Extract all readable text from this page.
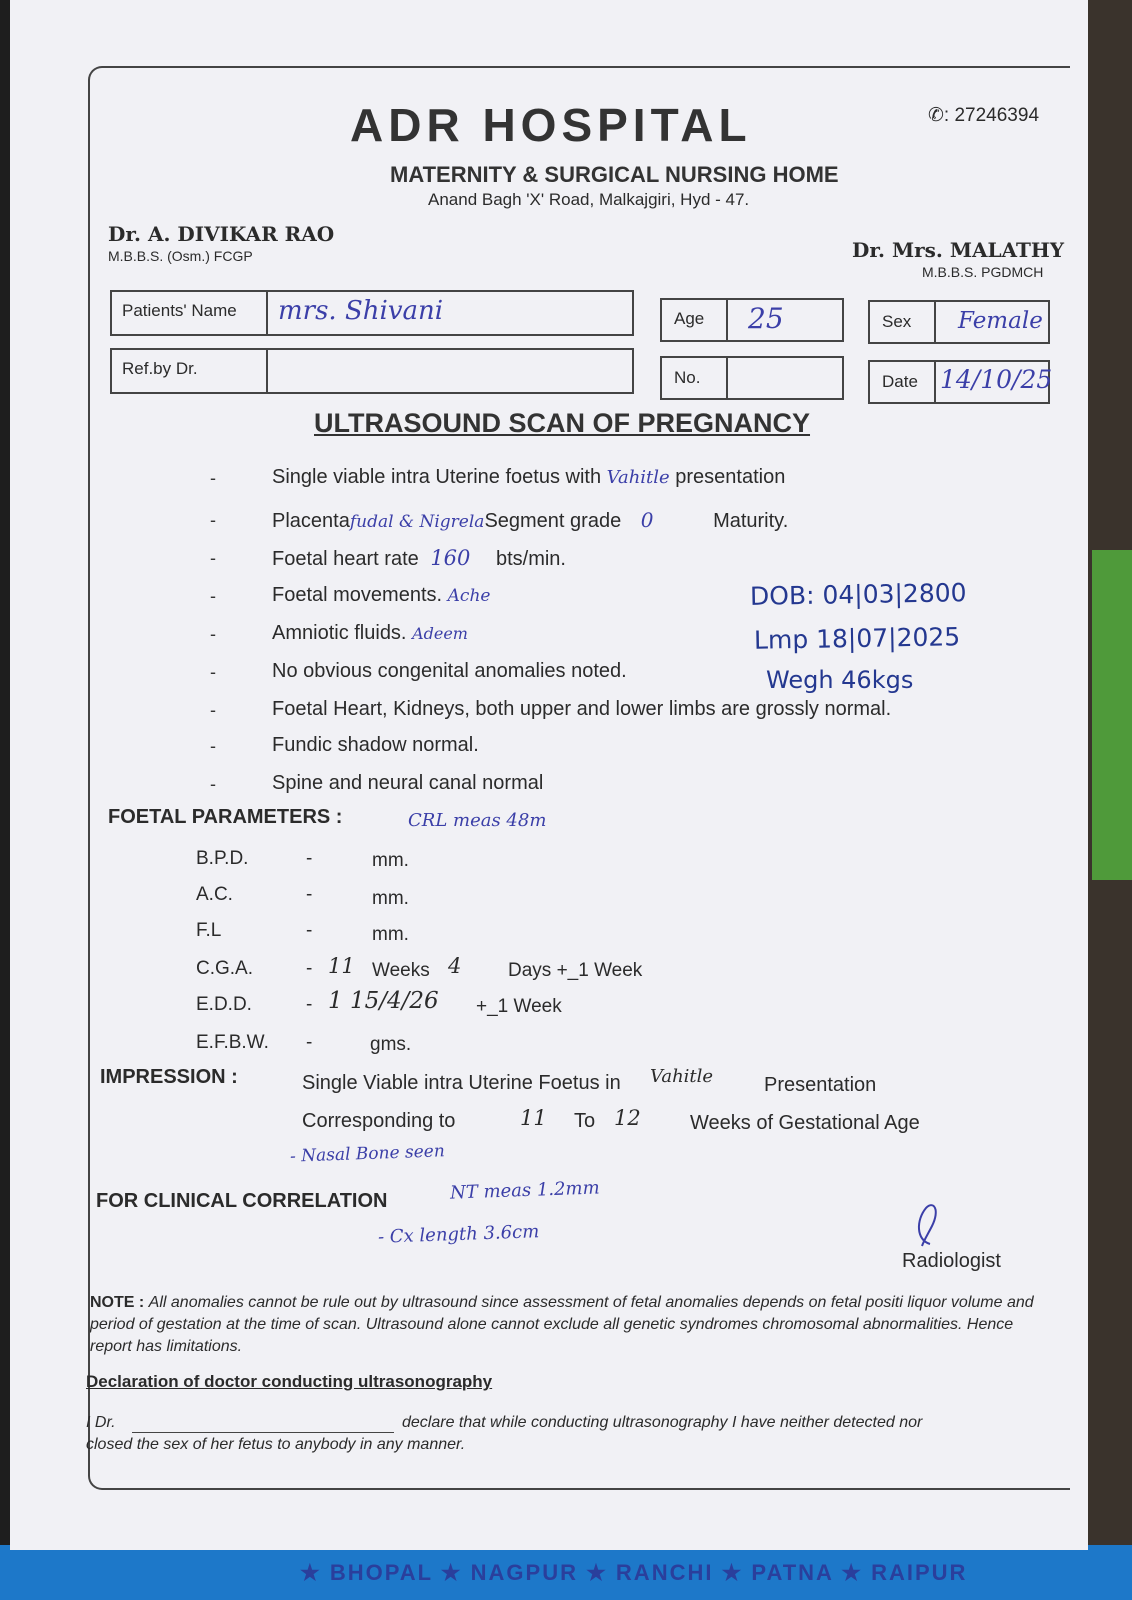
★ BHOPAL ★ NAGPUR ★ RANCHI ★ PATNA ★ RAIPUR
ADR HOSPITAL	✆: 27246394
MATERNITY & SURGICAL NURSING HOME
Anand Bagh 'X' Road, Malkajgiri, Hyd - 47.
Dr. A. DIVIKAR RAO
M.B.B.S. (Osm.) FCGP	Dr. Mrs. MALATHY
M.B.B.S. PGDMCH
Patients' Name mrs. Shivani	Age 25	Sex Female
Ref.by Dr.	No.	Date 14/10/25
ULTRASOUND SCAN OF PREGNANCY
-	Single viable intra Uterine foetus with Vahitle presentation
-	Placentafudal & NigrelaSegment grade 0	Maturity.
-	Foetal heart rate 160 bts/min.
-	Foetal movements. Ache
-	Amniotic fluids. Adeem
-	No obvious congenital anomalies noted.
-	Foetal Heart, Kidneys, both upper and lower limbs are grossly normal.
-	Fundic shadow normal.
-	Spine and neural canal normal
DOB: 04|03|2800
Lmp 18|07|2025
Wegh 46kgs
FOETAL PARAMETERS :	CRL meas 48m
B.P.D.	-	mm.
A.C.	-	mm.
F.L	-	mm.
C.G.A.	- 11 Weeks 4 Days +_1 Week
E.D.D.	- 1 15/4/26 +_1 Week
E.F.B.W. -	gms.
IMPRESSION :	Single Viable intra Uterine Foetus in Vahitle	Presentation
Corresponding to	11 To 12 Weeks of Gestational Age
- Nasal Bone seen
FOR CLINICAL CORRELATION	NT meas 1.2mm
- Cx length 3.6cm
Radiologist
NOTE : All anomalies cannot be rule out by ultrasound since assessment of fetal anomalies depends on fetal positi liquor volume and period of gestation at the time of scan. Ultrasound alone cannot exclude all genetic syndromes chromosomal abnormalities. Hence report has limitations.
Declaration of doctor conducting ultrasonography
I Dr.	declare that while conducting ultrasonography I have neither detected nor
closed the sex of her fetus to anybody in any manner.
